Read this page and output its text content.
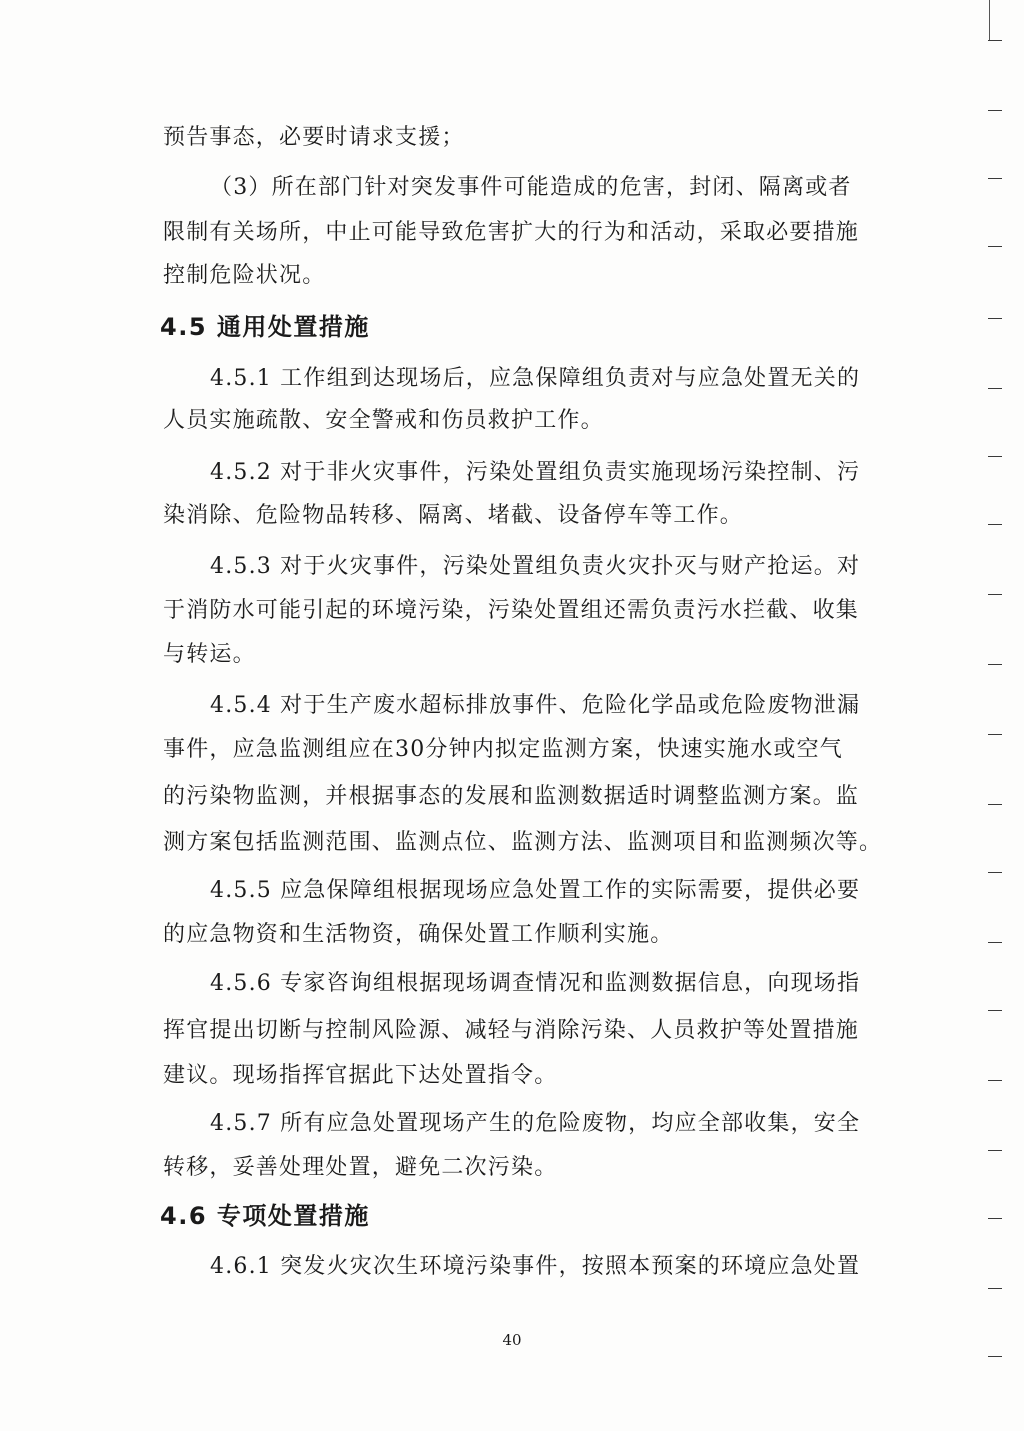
预告事态，必要时请求支援；
（3）所在部门针对突发事件可能造成的危害，封闭、隔离或者
限制有关场所，中止可能导致危害扩大的行为和活动，采取必要措施
控制危险状况。
4.5 通用处置措施
4.5.1 工作组到达现场后，应急保障组负责对与应急处置无关的
人员实施疏散、安全警戒和伤员救护工作。
4.5.2 对于非火灾事件，污染处置组负责实施现场污染控制、污
染消除、危险物品转移、隔离、堵截、设备停车等工作。
4.5.3 对于火灾事件，污染处置组负责火灾扑灭与财产抢运。对
于消防水可能引起的环境污染，污染处置组还需负责污水拦截、收集
与转运。
4.5.4 对于生产废水超标排放事件、危险化学品或危险废物泄漏
事件，应急监测组应在30分钟内拟定监测方案，快速实施水或空气
的污染物监测，并根据事态的发展和监测数据适时调整监测方案。监
测方案包括监测范围、监测点位、监测方法、监测项目和监测频次等。
4.5.5 应急保障组根据现场应急处置工作的实际需要，提供必要
的应急物资和生活物资，确保处置工作顺利实施。
4.5.6 专家咨询组根据现场调查情况和监测数据信息，向现场指
挥官提出切断与控制风险源、减轻与消除污染、人员救护等处置措施
建议。现场指挥官据此下达处置指令。
4.5.7 所有应急处置现场产生的危险废物，均应全部收集，安全
转移，妥善处理处置，避免二次污染。
4.6 专项处置措施
4.6.1 突发火灾次生环境污染事件，按照本预案的环境应急处置
40
